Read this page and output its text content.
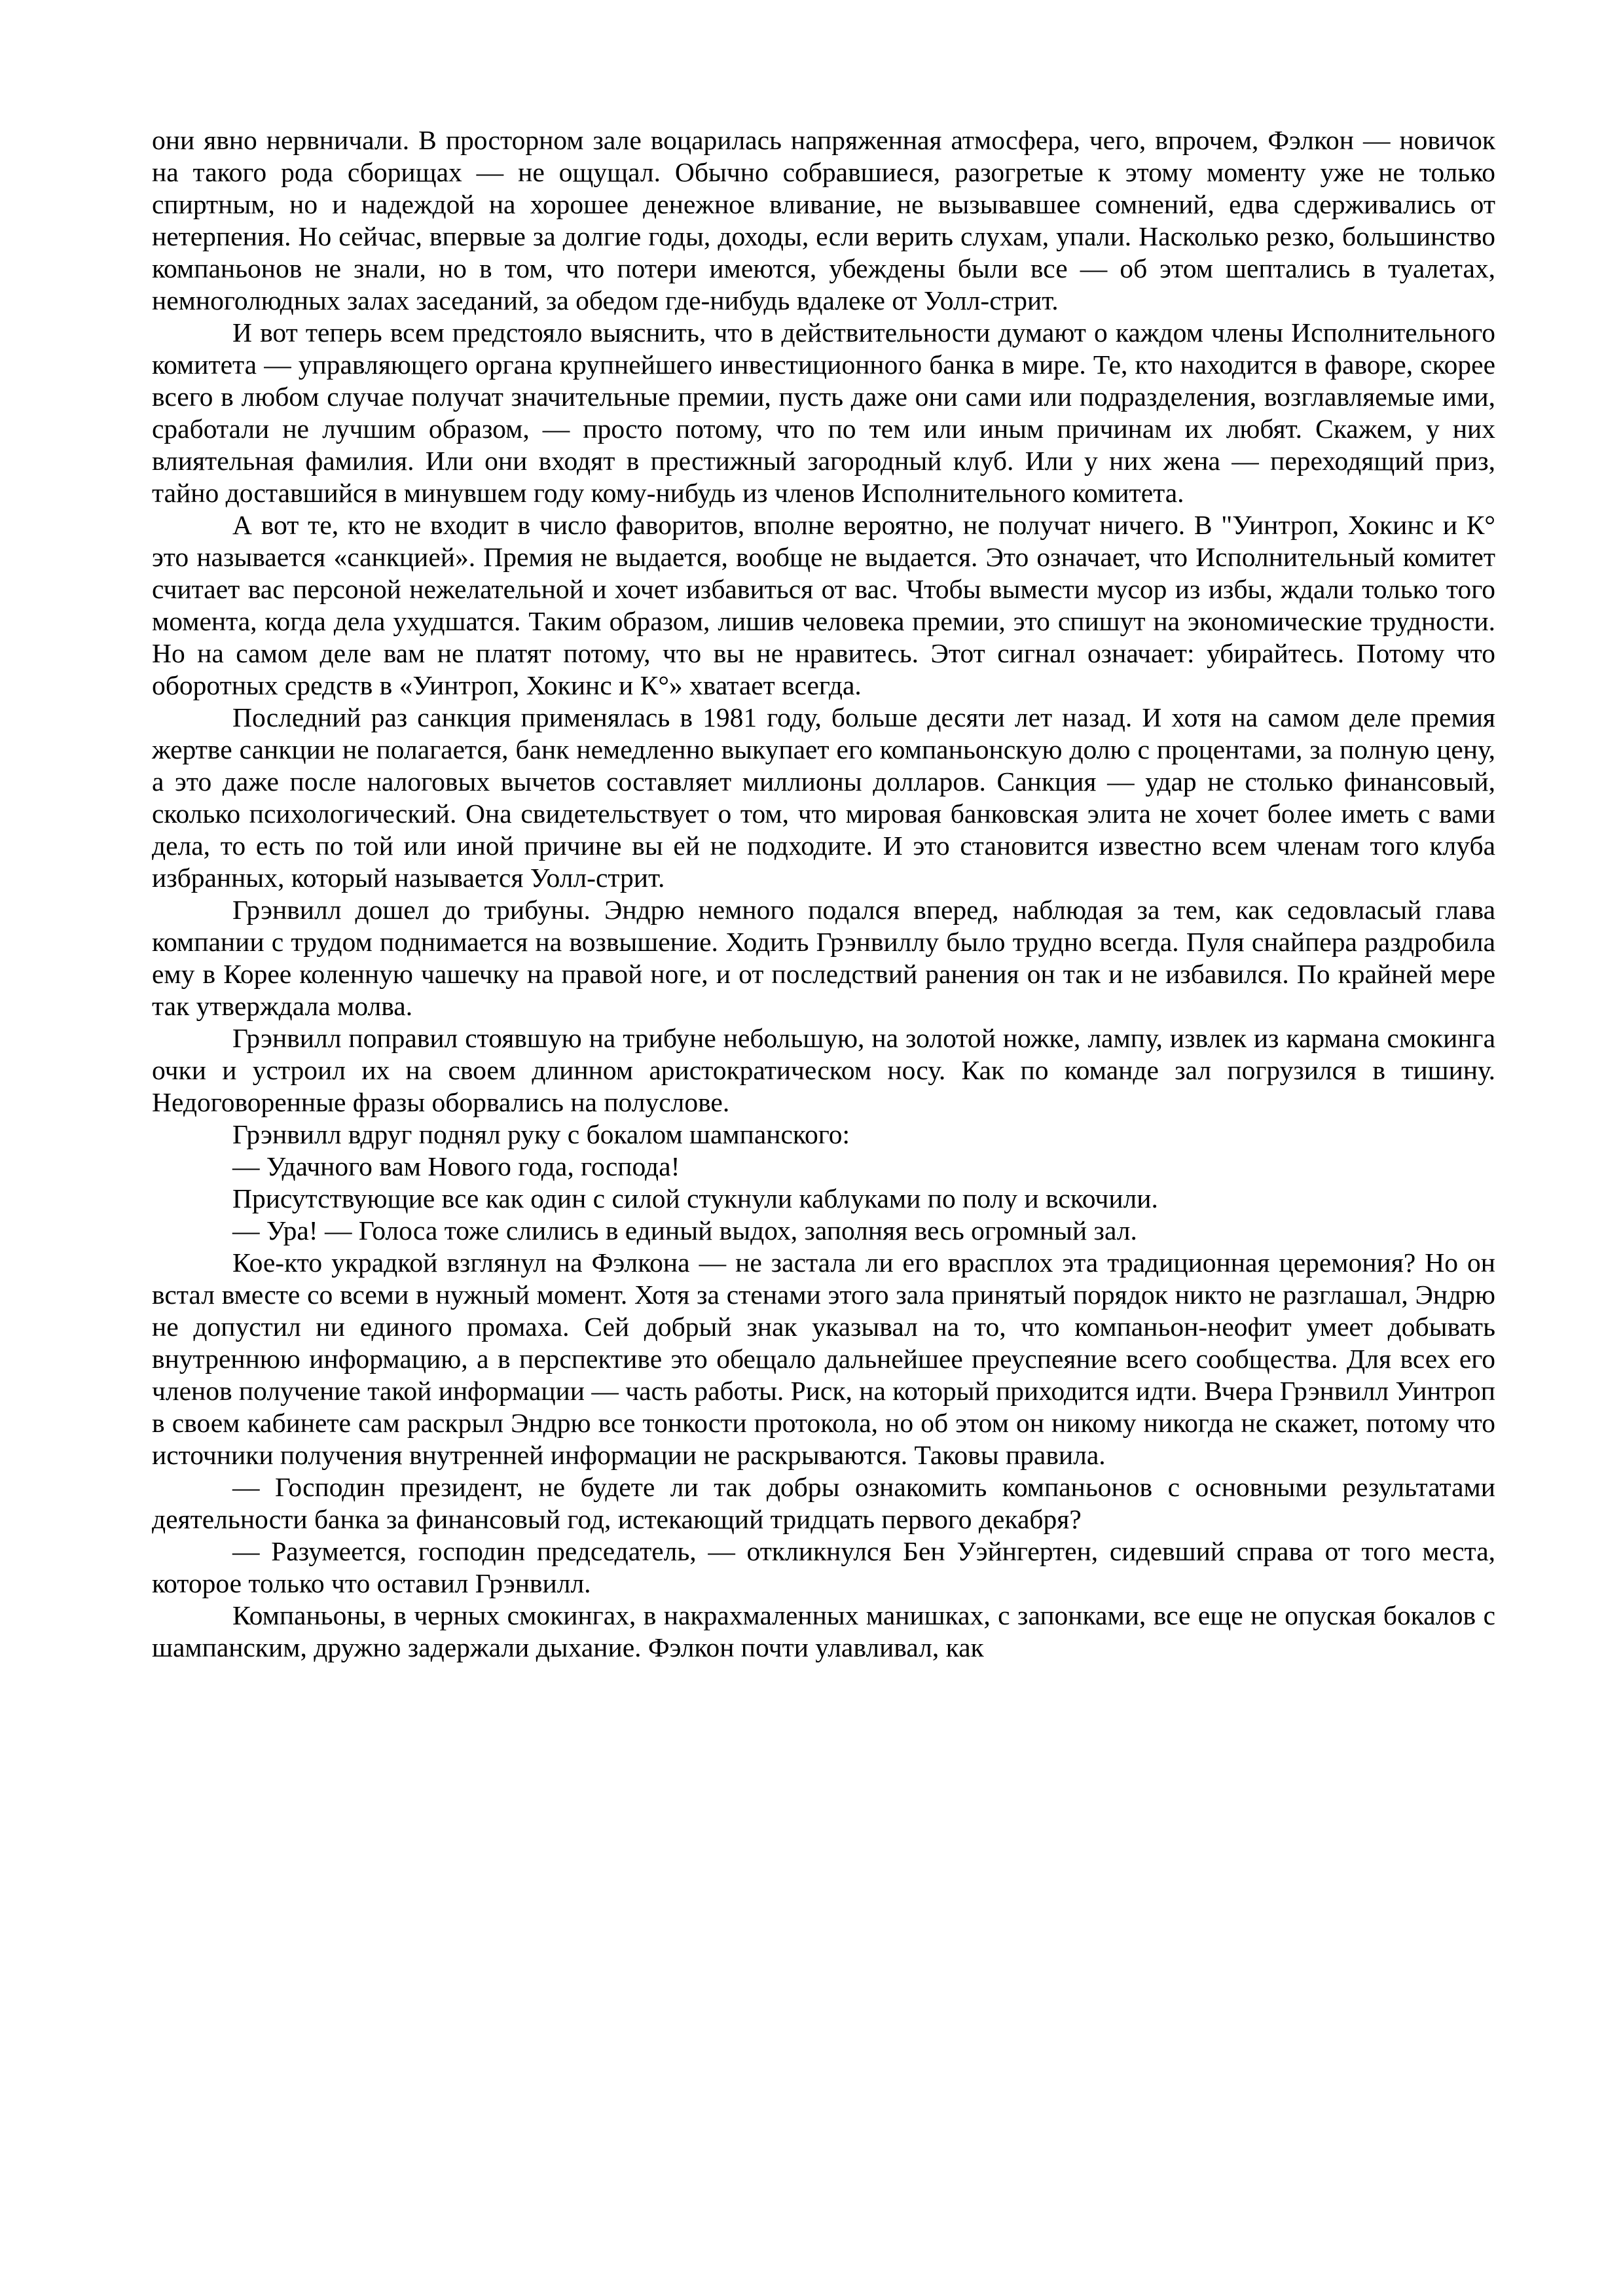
они явно нервничали. В просторном зале воцарилась напряженная атмосфера, чего, впрочем, Фэлкон — новичок на такого рода сборищах — не ощущал. Обычно собравшиеся, разогретые к этому моменту уже не только спиртным, но и надеждой на хорошее денежное вливание, не вызывавшее сомнений, едва сдерживались от нетерпения. Но сейчас, впервые за долгие годы, доходы, если верить слухам, упали. Насколько резко, большинство компаньонов не знали, но в том, что потери имеются, убеждены были все — об этом шептались в туалетах, немноголюдных залах заседаний, за обедом где-нибудь вдалеке от Уолл-стрит.

И вот теперь всем предстояло выяснить, что в действительности думают о каждом члены Исполнительного комитета — управляющего органа крупнейшего инвестиционного банка в мире. Те, кто находится в фаворе, скорее всего в любом случае получат значительные премии, пусть даже они сами или подразделения, возглавляемые ими, сработали не лучшим образом, — просто потому, что по тем или иным причинам их любят. Скажем, у них влиятельная фамилия. Или они входят в престижный загородный клуб. Или у них жена — переходящий приз, тайно доставшийся в минувшем году кому-нибудь из членов Исполнительного комитета.

А вот те, кто не входит в число фаворитов, вполне вероятно, не получат ничего. В "Уинтроп, Хокинс и К° это называется «санкцией». Премия не выдается, вообще не выдается. Это означает, что Исполнительный комитет считает вас персоной нежелательной и хочет избавиться от вас. Чтобы вымести мусор из избы, ждали только того момента, когда дела ухудшатся. Таким образом, лишив человека премии, это спишут на экономические трудности. Но на самом деле вам не платят потому, что вы не нравитесь. Этот сигнал означает: убирайтесь. Потому что оборотных средств в «Уинтроп, Хокинс и К°» хватает всегда.

Последний раз санкция применялась в 1981 году, больше десяти лет назад. И хотя на самом деле премия жертве санкции не полагается, банк немедленно выкупает его компаньонскую долю с процентами, за полную цену, а это даже после налоговых вычетов составляет миллионы долларов. Санкция — удар не столько финансовый, сколько психологический. Она свидетельствует о том, что мировая банковская элита не хочет более иметь с вами дела, то есть по той или иной причине вы ей не подходите. И это становится известно всем членам того клуба избранных, который называется Уолл-стрит.

Грэнвилл дошел до трибуны. Эндрю немного подался вперед, наблюдая за тем, как седовласый глава компании с трудом поднимается на возвышение. Ходить Грэнвиллу было трудно всегда. Пуля снайпера раздробила ему в Корее коленную чашечку на правой ноге, и от последствий ранения он так и не избавился. По крайней мере так утверждала молва.

Грэнвилл поправил стоявшую на трибуне небольшую, на золотой ножке, лампу, извлек из кармана смокинга очки и устроил их на своем длинном аристократическом носу. Как по команде зал погрузился в тишину. Недоговоренные фразы оборвались на полуслове.

Грэнвилл вдруг поднял руку с бокалом шампанского:

— Удачного вам Нового года, господа!

Присутствующие все как один с силой стукнули каблуками по полу и вскочили.

— Ура! — Голоса тоже слились в единый выдох, заполняя весь огромный зал.

Кое-кто украдкой взглянул на Фэлкона — не застала ли его врасплох эта традиционная церемония? Но он встал вместе со всеми в нужный момент. Хотя за стенами этого зала принятый порядок никто не разглашал, Эндрю не допустил ни единого промаха. Сей добрый знак указывал на то, что компаньон-неофит умеет добывать внутреннюю информацию, а в перспективе это обещало дальнейшее преуспеяние всего сообщества. Для всех его членов получение такой информации — часть работы. Риск, на который приходится идти. Вчера Грэнвилл Уинтроп в своем кабинете сам раскрыл Эндрю все тонкости протокола, но об этом он никому никогда не скажет, потому что источники получения внутренней информации не раскрываются. Таковы правила.

— Господин президент, не будете ли так добры ознакомить компаньонов с основными результатами деятельности банка за финансовый год, истекающий тридцать первого декабря?

— Разумеется, господин председатель, — откликнулся Бен Уэйнгертен, сидевший справа от того места, которое только что оставил Грэнвилл.

Компаньоны, в черных смокингах, в накрахмаленных манишках, с запонками, все еще не опуская бокалов с шампанским, дружно задержали дыхание. Фэлкон почти улавливал, как
